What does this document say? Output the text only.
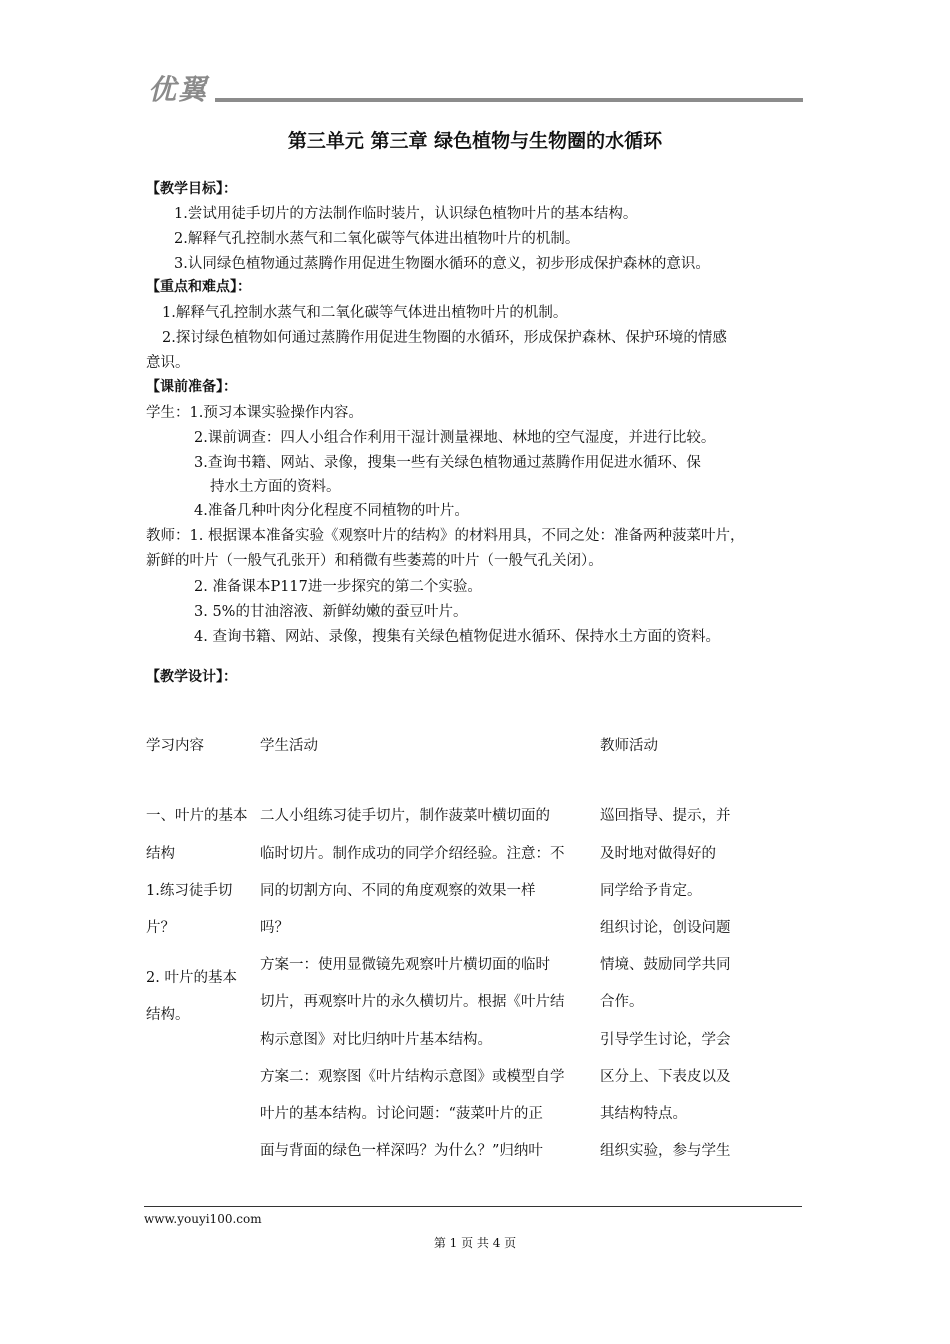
优翼
第三单元 第三章 绿色植物与生物圈的水循环
【教学目标】：
1.尝试用徒手切片的方法制作临时装片，认识绿色植物叶片的基本结构。
2.解释气孔控制水蒸气和二氧化碳等气体进出植物叶片的机制。
3.认同绿色植物通过蒸腾作用促进生物圈水循环的意义，初步形成保护森林的意识。
【重点和难点】：
1.解释气孔控制水蒸气和二氧化碳等气体进出植物叶片的机制。
2.探讨绿色植物如何通过蒸腾作用促进生物圈的水循环，形成保护森林、保护环境的情感
意识。
【课前准备】：
学生：1.预习本课实验操作内容。
2.课前调查：四人小组合作利用干湿计测量裸地、林地的空气湿度，并进行比较。
3.查询书籍、网站、录像，搜集一些有关绿色植物通过蒸腾作用促进水循环、保
持水土方面的资料。
4.准备几种叶肉分化程度不同植物的叶片。
教师：1. 根据课本准备实验《观察叶片的结构》的材料用具，不同之处：准备两种菠菜叶片，
新鲜的叶片（一般气孔张开）和稍微有些萎蔫的叶片（一般气孔关闭）。
2. 准备课本P117进一步探究的第二个实验。
3. 5%的甘油溶液、新鲜幼嫩的蚕豆叶片。
4. 查询书籍、网站、录像，搜集有关绿色植物促进水循环、保持水土方面的资料。
【教学设计】：
学习内容	学生活动	教师活动
一、叶片的基本
结构
1.练习徒手切
片？
2. 叶片的基本
结构。
二人小组练习徒手切片，制作菠菜叶横切面的
临时切片。制作成功的同学介绍经验。注意：不
同的切割方向、不同的角度观察的效果一样
吗？
方案一：使用显微镜先观察叶片横切面的临时
切片，再观察叶片的永久横切片。根据《叶片结
构示意图》对比归纳叶片基本结构。
方案二：观察图《叶片结构示意图》或模型自学
叶片的基本结构。讨论问题：“菠菜叶片的正
面与背面的绿色一样深吗？为什么？”归纳叶
巡回指导、提示，并
及时地对做得好的
同学给予肯定。
组织讨论，创设问题
情境、鼓励同学共同
合作。
引导学生讨论，学会
区分上、下表皮以及
其结构特点。
组织实验，参与学生
www.youyi100.com
第 1 页 共 4 页
